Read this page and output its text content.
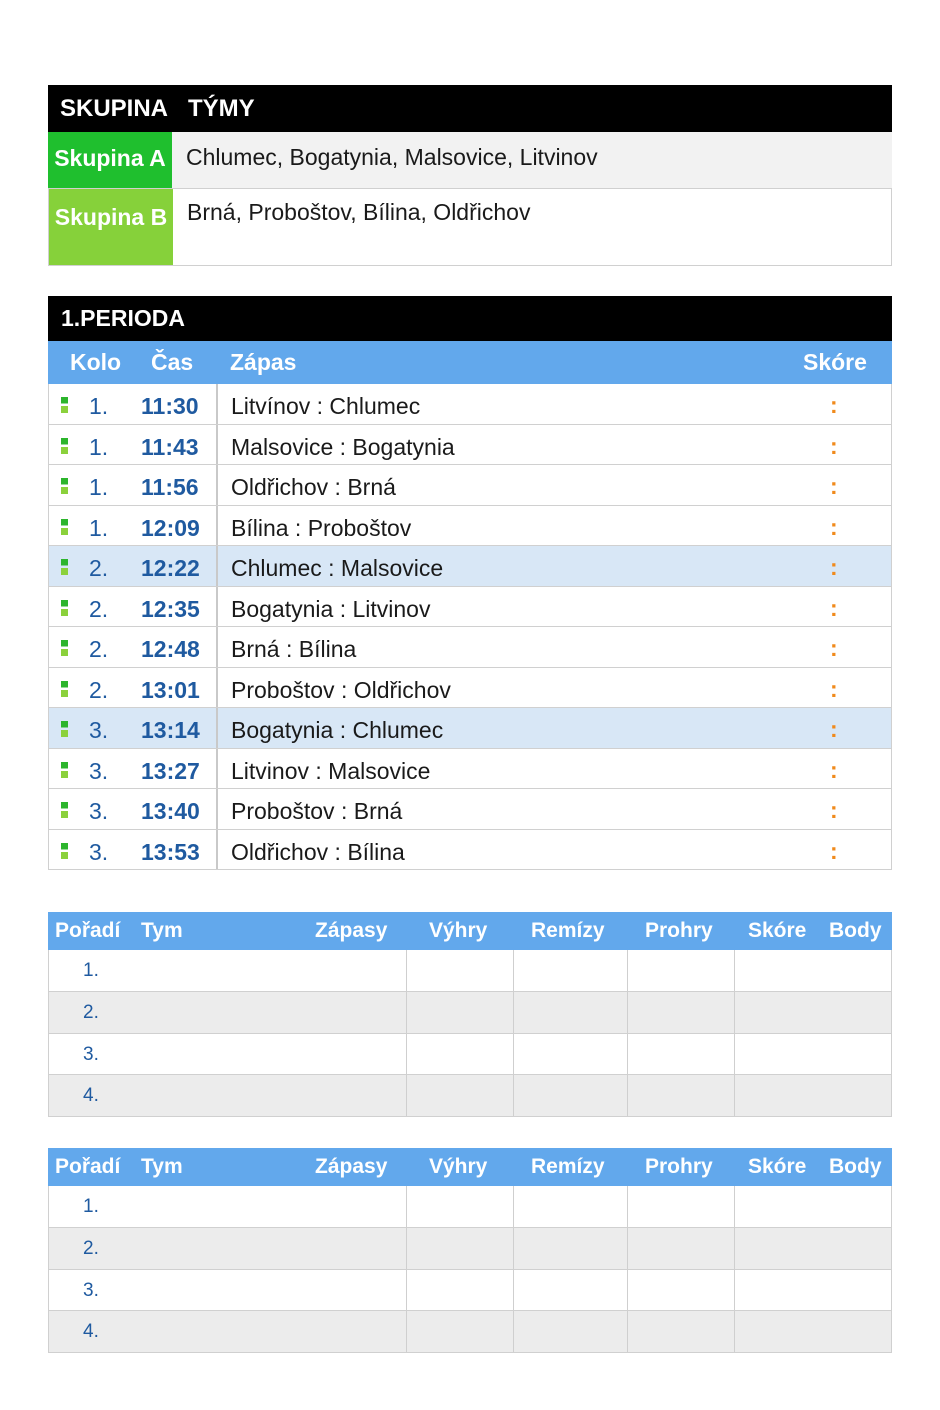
SKUPINA TÝMY
Skupina A Chlumec, Bogatynia, Malsovice, Litvinov
Skupina B Brná, Proboštov, Bílina, Oldřichov
1.PERIODA
Kolo Čas Zápas	Skóre
1. 11:30 Litvínov : Chlumec	:
1. 11:43 Malsovice : Bogatynia	:
1. 11:56 Oldřichov : Brná	:
1. 12:09 Bílina : Proboštov	:
2. 12:22 Chlumec : Malsovice	:
2. 12:35 Bogatynia : Litvinov	:
2. 12:48 Brná : Bílina	:
2. 13:01 Proboštov : Oldřichov	:
3. 13:14 Bogatynia : Chlumec	:
3. 13:27 Litvinov : Malsovice	:
3. 13:40 Proboštov : Brná	:
3. 13:53 Oldřichov : Bílina	:
Pořadí Tym	Zápasy Výhry Remízy Prohry Skóre Body
1.
2.
3.
4.
Pořadí Tym	Zápasy Výhry Remízy Prohry Skóre Body
1.
2.
3.
4.
